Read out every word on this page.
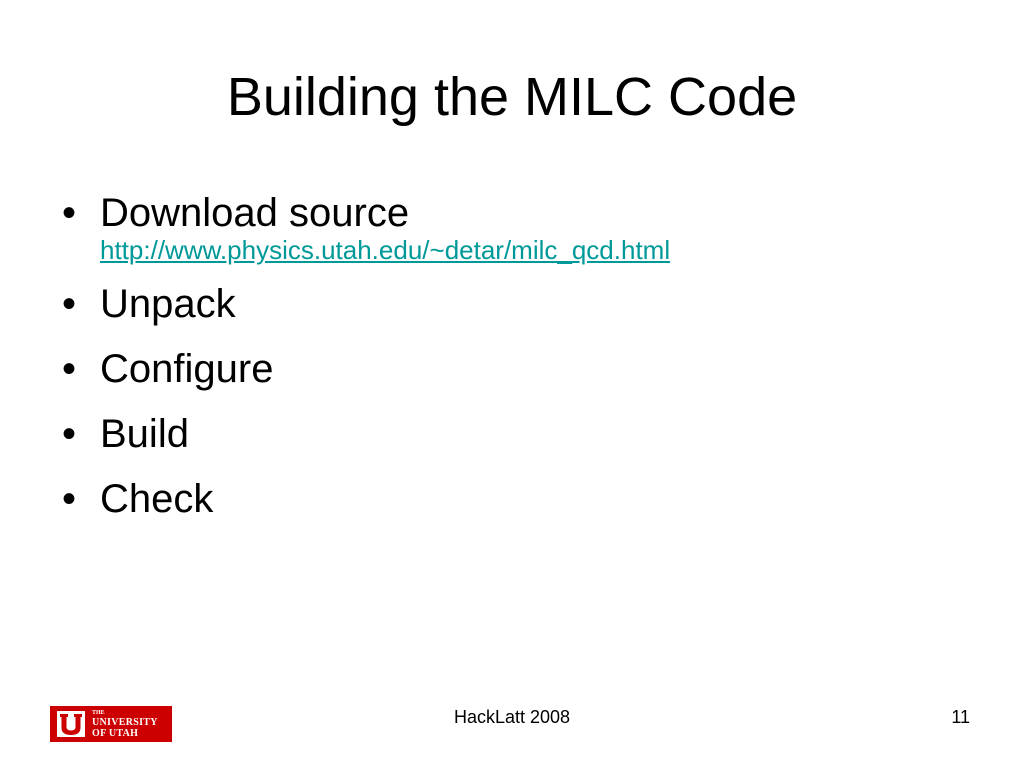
Building the MILC Code
• Download source
http://www.physics.utah.edu/~detar/milc_qcd.html
• Unpack
• Configure
• Build
• Check
THE
UNIVERSITY
OF UTAH
HackLatt 2008	11
